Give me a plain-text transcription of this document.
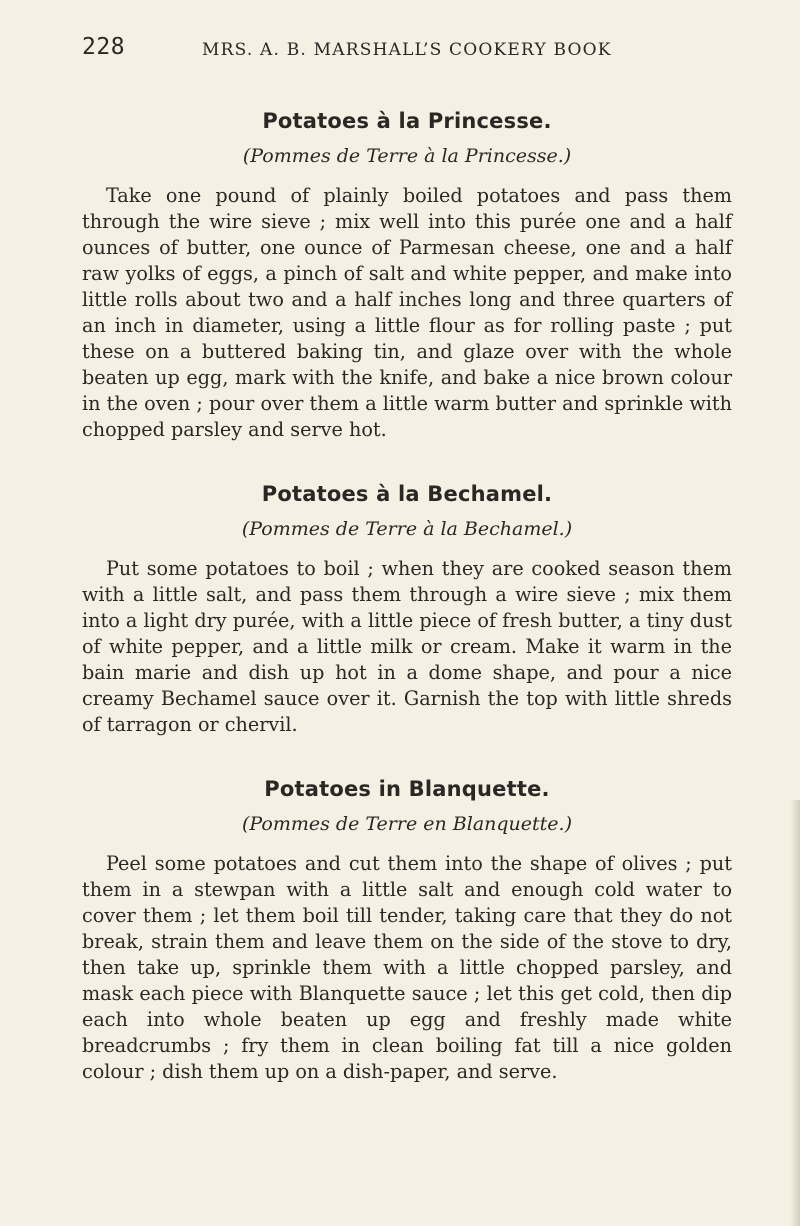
228	MRS. A. B. MARSHALL’S COOKERY BOOK
Potatoes à la Princesse.
(Pommes de Terre à la Princesse.)

Take one pound of plainly boiled potatoes and pass them through the wire sieve ; mix well into this purée one and a half ounces of butter, one ounce of Parmesan cheese, one and a half raw yolks of eggs, a pinch of salt and white pepper, and make into little rolls about two and a half inches long and three quarters of an inch in diameter, using a little flour as for rolling paste ; put these on a buttered baking tin, and glaze over with the whole beaten up egg, mark with the knife, and bake a nice brown colour in the oven ; pour over them a little warm butter and sprinkle with chopped parsley and serve hot.

Potatoes à la Bechamel.
(Pommes de Terre à la Bechamel.)

Put some potatoes to boil ; when they are cooked season them with a little salt, and pass them through a wire sieve ; mix them into a light dry purée, with a little piece of fresh butter, a tiny dust of white pepper, and a little milk or cream. Make it warm in the bain marie and dish up hot in a dome shape, and pour a nice creamy Bechamel sauce over it. Garnish the top with little shreds of tarragon or chervil.

Potatoes in Blanquette.
(Pommes de Terre en Blanquette.)

Peel some potatoes and cut them into the shape of olives ; put them in a stewpan with a little salt and enough cold water to cover them ; let them boil till tender, taking care that they do not break, strain them and leave them on the side of the stove to dry, then take up, sprinkle them with a little chopped parsley, and mask each piece with Blanquette sauce ; let this get cold, then dip each into whole beaten up egg and freshly made white breadcrumbs ; fry them in clean boiling fat till a nice golden colour ; dish them up on a dish-paper, and serve.
